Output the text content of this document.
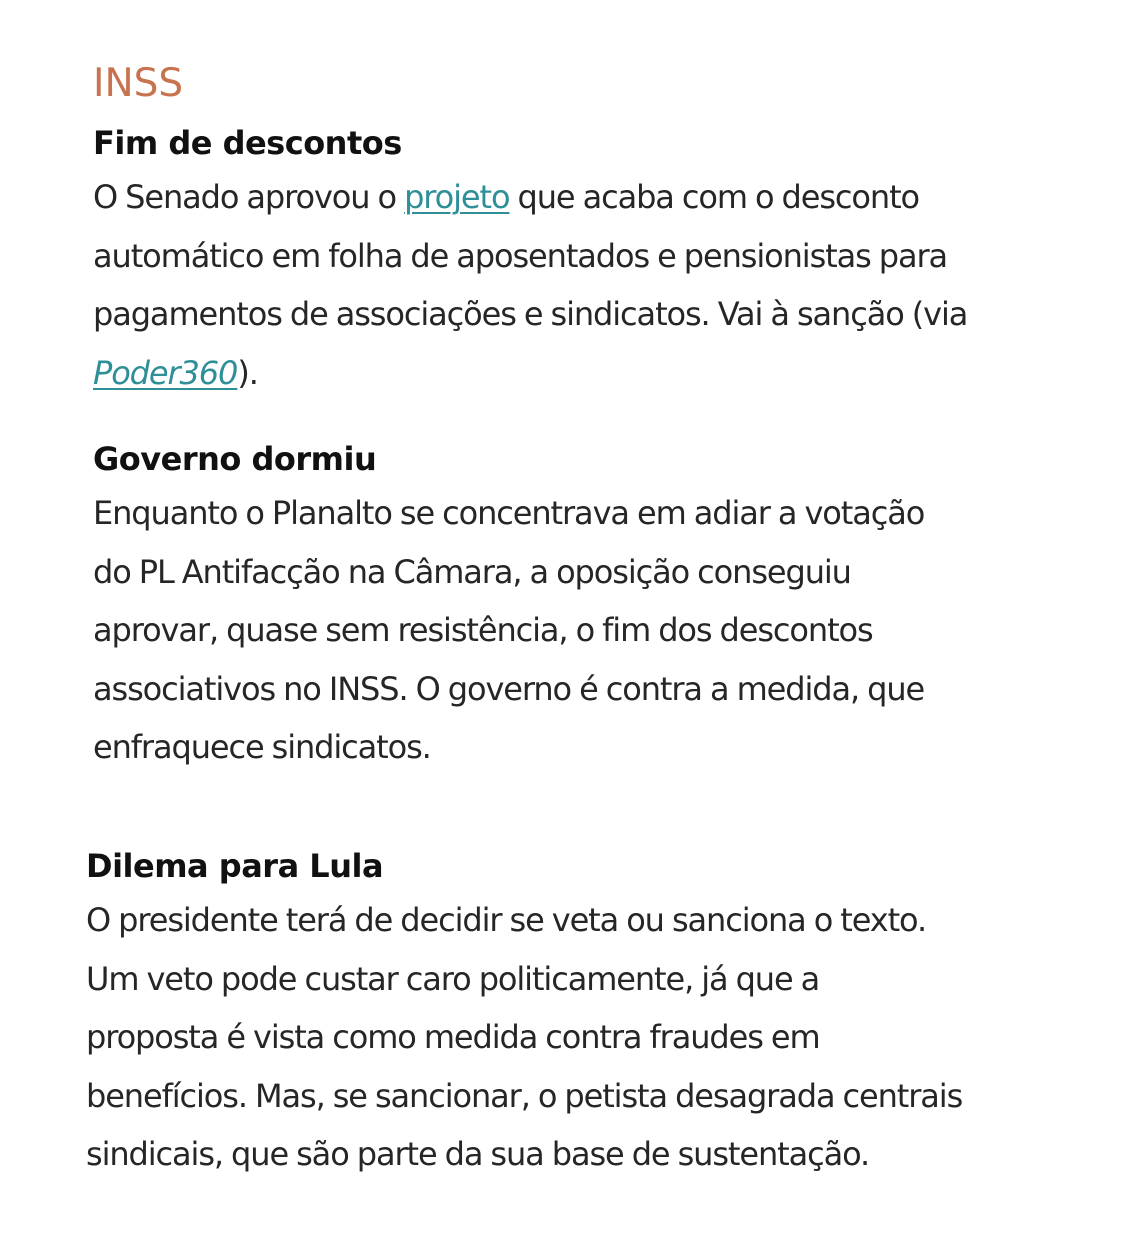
INSS
Fim de descontos

O Senado aprovou o projeto que acaba com o desconto
automático em folha de aposentados e pensionistas para
pagamentos de associações e sindicatos. Vai à sanção (via
Poder360).

Governo dormiu

Enquanto o Planalto se concentrava em adiar a votação
do PL Antifacção na Câmara, a oposição conseguiu
aprovar, quase sem resistência, o fim dos descontos
associativos no INSS. O governo é contra a medida, que
enfraquece sindicatos.

Dilema para Lula

O presidente terá de decidir se veta ou sanciona o texto.
Um veto pode custar caro politicamente, já que a
proposta é vista como medida contra fraudes em
benefícios. Mas, se sancionar, o petista desagrada centrais
sindicais, que são parte da sua base de sustentação.
